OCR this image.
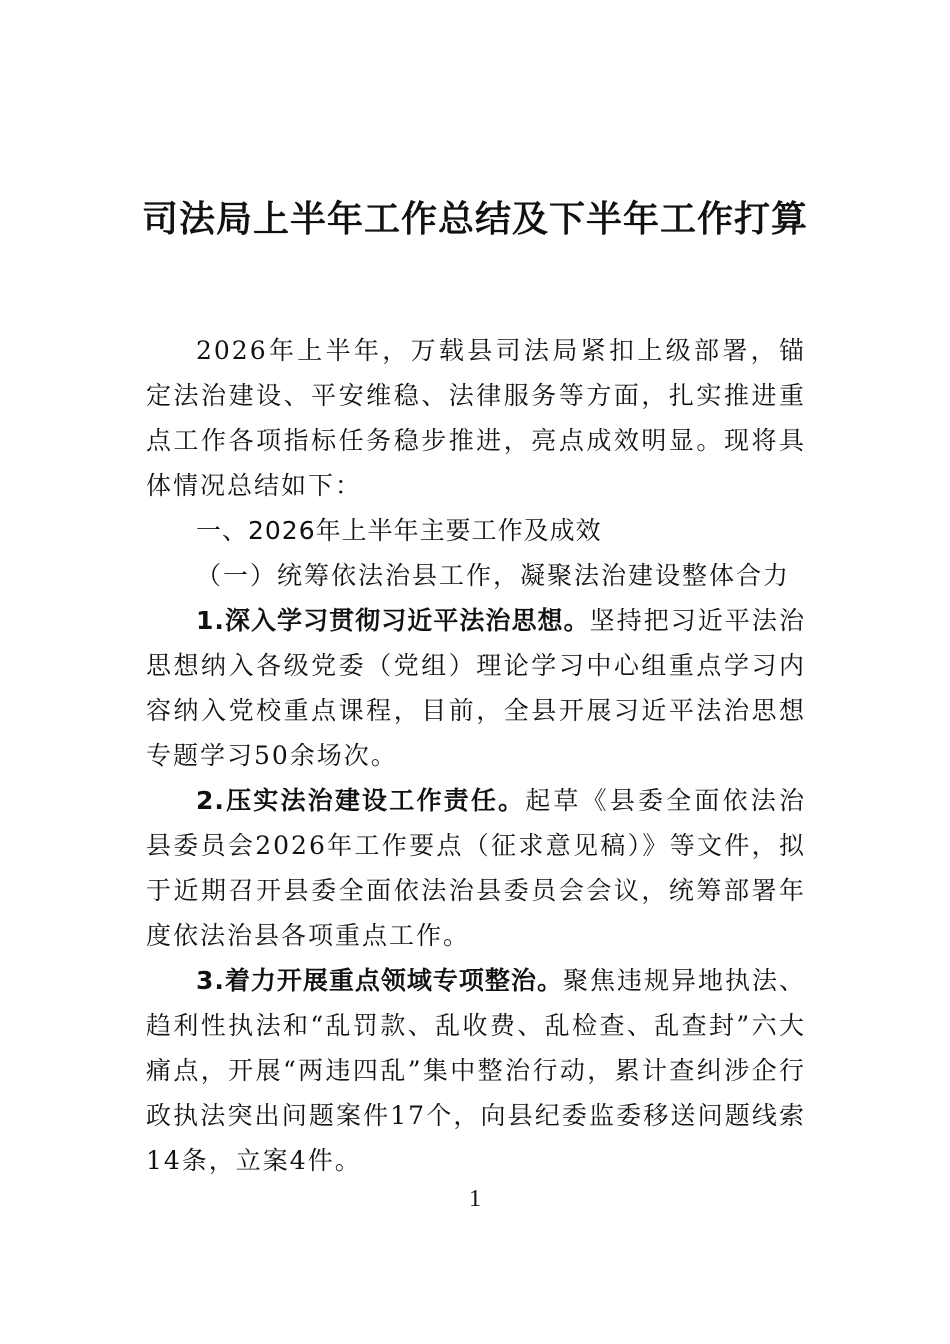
司法局上半年工作总结及下半年工作打算

2026年上半年，万载县司法局紧扣上级部署，锚定法治建设、平安维稳、法律服务等方面，扎实推进重点工作各项指标任务稳步推进，亮点成效明显。现将具体情况总结如下：

一、2026年上半年主要工作及成效

（一）统筹依法治县工作，凝聚法治建设整体合力

1.深入学习贯彻习近平法治思想。坚持把习近平法治思想纳入各级党委（党组）理论学习中心组重点学习内容纳入党校重点课程，目前，全县开展习近平法治思想专题学习50余场次。

2.压实法治建设工作责任。起草《县委全面依法治县委员会2026年工作要点（征求意见稿）》等文件，拟于近期召开县委全面依法治县委员会会议，统筹部署年度依法治县各项重点工作。

3.着力开展重点领域专项整治。聚焦违规异地执法、趋利性执法和“乱罚款、乱收费、乱检查、乱查封”六大痛点，开展“两违四乱”集中整治行动，累计查纠涉企行政执法突出问题案件17个，向县纪委监委移送问题线索14条，立案4件。

1
